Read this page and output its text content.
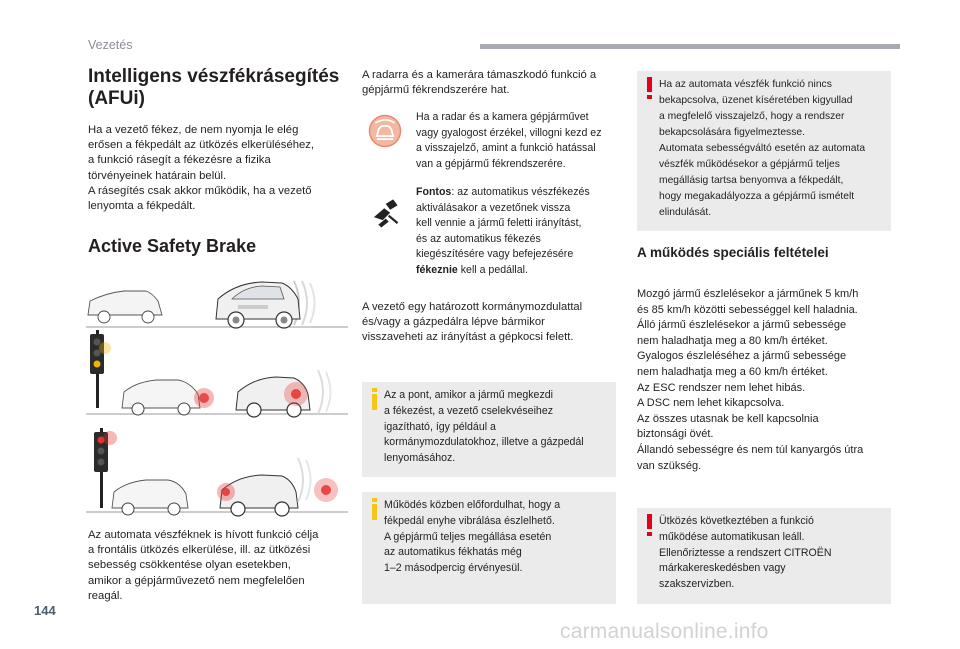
Vezetés
Intelligens vészfékrásegítés
(AFUi)
Ha a vezető fékez, de nem nyomja le elég
erősen a fékpedált az ütközés elkerüléséhez,
a funkció rásegít a fékezésre a fizika
törvényeinek határain belül.
A rásegítés csak akkor működik, ha a vezető
lenyomta a fékpedált.
Active Safety Brake
Az automata vészféknek is hívott funkció célja
a frontális ütközés elkerülése, ill. az ütközési
sebesség csökkentése olyan esetekben,
amikor a gépjárművezető nem megfelelően
reagál.
A radarra és a kamerára támaszkodó funkció a
gépjármű fékrendszerére hat.
Ha a radar és a kamera gépjárművet
vagy gyalogost érzékel, villogni kezd ez
a visszajelző, amint a funkció hatással
van a gépjármű fékrendszerére.
Fontos: az automatikus vészfékezés
aktiválásakor a vezetőnek vissza
kell vennie a jármű feletti irányítást,
és az automatikus fékezés
kiegészítésére vagy befejezésére
fékeznie kell a pedállal.
A vezető egy határozott kormánymozdulattal
és/vagy a gázpedálra lépve bármikor
visszaveheti az irányítást a gépkocsi felett.
Az a pont, amikor a jármű megkezdi
a fékezést, a vezető cselekvéseihez
igazítható, így például a
kormánymozdulatokhoz, illetve a gázpedál
lenyomásához.
Működés közben előfordulhat, hogy a
fékpedál enyhe vibrálása észlelhető.
A gépjármű teljes megállása esetén
az automatikus fékhatás még
1–2 másodpercig érvényesül.
Ha az automata vészfék funkció nincs
bekapcsolva, üzenet kíséretében kigyullad
a megfelelő visszajelző, hogy a rendszer
bekapcsolására figyelmeztesse.
Automata sebességváltó esetén az automata
vészfék működésekor a gépjármű teljes
megállásig tartsa benyomva a fékpedált,
hogy megakadályozza a gépjármű ismételt
elindulását.
A működés speciális feltételei
Mozgó jármű észlelésekor a járműnek 5 km/h
és 85 km/h közötti sebességgel kell haladnia.
Álló jármű észlelésekor a jármű sebessége
nem haladhatja meg a 80 km/h értéket.
Gyalogos észleléséhez a jármű sebessége
nem haladhatja meg a 60 km/h értéket.
Az ESC rendszer nem lehet hibás.
A DSC nem lehet kikapcsolva.
Az összes utasnak be kell kapcsolnia
biztonsági övét.
Állandó sebességre és nem túl kanyargós útra
van szükség.
Ütközés következtében a funkció
működése automatikusan leáll.
Ellenőriztesse a rendszert CITROËN
márkakereskedésben vagy
szakszervizben.
144
carmanualsonline.info
